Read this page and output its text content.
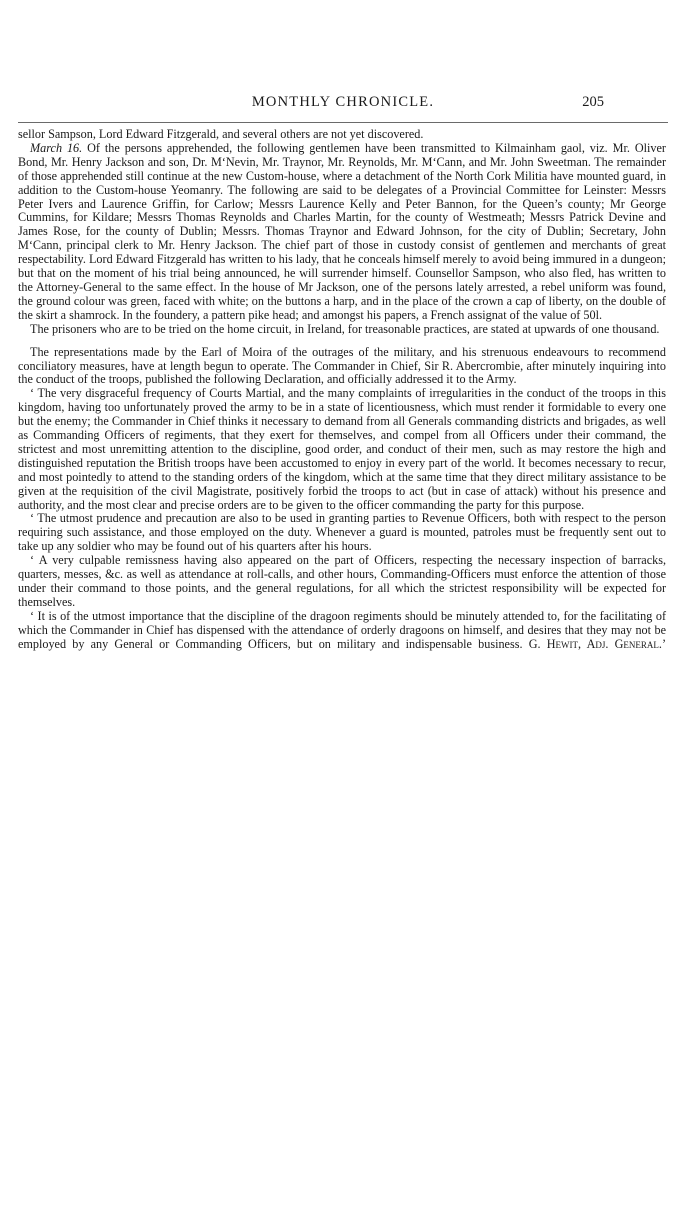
MONTHLY CHRONICLE.	205

sellor Sampson, Lord Edward Fitzgerald, and several others are not yet discovered.

March 16. Of the persons apprehended, the following gentlemen have been transmitted to Kilmainham gaol, viz. Mr. Oliver Bond, Mr. Henry Jackson and son, Dr. M‘Nevin, Mr. Traynor, Mr. Reynolds, Mr. M‘Cann, and Mr. John Sweetman. The remainder of those apprehended still continue at the new Custom-house, where a detachment of the North Cork Militia have mounted guard, in addition to the Custom-house Yeomanry. The following are said to be delegates of a Provincial Committee for Leinster: Messrs Peter Ivers and Laurence Griffin, for Carlow; Messrs Laurence Kelly and Peter Bannon, for the Queen’s county; Mr George Cummins, for Kildare; Messrs Thomas Reynolds and Charles Martin, for the county of Westmeath; Messrs Patrick Devine and James Rose, for the county of Dublin; Messrs. Thomas Traynor and Edward Johnson, for the city of Dublin; Secretary, John M‘Cann, principal clerk to Mr. Henry Jackson. The chief part of those in custody consist of gentlemen and merchants of great respectability. Lord Edward Fitzgerald has written to his lady, that he conceals himself merely to avoid being immured in a dungeon; but that on the moment of his trial being announced, he will surrender himself. Counsellor Sampson, who also fled, has written to the Attorney-General to the same effect. In the house of Mr Jackson, one of the persons lately arrested, a rebel uniform was found, the ground colour was green, faced with white; on the buttons a harp, and in the place of the crown a cap of liberty, on the double of the skirt a shamrock. In the foundery, a pattern pike head; and amongst his papers, a French assignat of the value of 50l.

The prisoners who are to be tried on the home circuit, in Ireland, for treasonable practices, are stated at upwards of one thousand.

The representations made by the Earl of Moira of the outrages of the military, and his strenuous endeavours to recommend conciliatory measures, have at length begun to operate. The Commander in Chief, Sir R. Abercrombie, after minutely inquiring into the conduct of the troops, published the following Declaration, and officially addressed it to the Army.

‘ The very disgraceful frequency of Courts Martial, and the many complaints of irregularities in the conduct of the troops in this kingdom, having too unfortunately proved the army to be in a state of licentiousness, which must render it formidable to every one but the enemy; the Commander in Chief thinks it necessary to demand from all Generals commanding districts and brigades, as well as Commanding Officers of regiments, that they exert for themselves, and compel from all Officers under their command, the strictest and most unremitting attention to the discipline, good order, and conduct of their men, such as may restore the high and distinguished reputation the British troops have been accustomed to enjoy in every part of the world. It becomes necessary to recur, and most pointedly to attend to the standing orders of the kingdom, which at the same time that they direct military assistance to be given at the requisition of the civil Magistrate, positively forbid the troops to act (but in case of attack) without his presence and authority, and the most clear and precise orders are to be given to the officer commanding the party for this purpose.

‘ The utmost prudence and precaution are also to be used in granting parties to Revenue Officers, both with respect to the person requiring such assistance, and those employed on the duty. Whenever a guard is mounted, patroles must be frequently sent out to take up any soldier who may be found out of his quarters after his hours.

‘ A very culpable remissness having also appeared on the part of Officers, respecting the necessary inspection of barracks, quarters, messes, &c. as well as attendance at roll-calls, and other hours, Commanding-Officers must enforce the attention of those under their command to those points, and the general regulations, for all which the strictest responsibility will be expected for themselves.

‘ It is of the utmost importance that the discipline of the dragoon regiments should be minutely attended to, for the facilitating of which the Commander in Chief has dispensed with the attendance of orderly dragoons on himself, and desires that they may not be employed by any General or Commanding Officers, but on military and indispensable business. G. Hewit, Adj. General.’
